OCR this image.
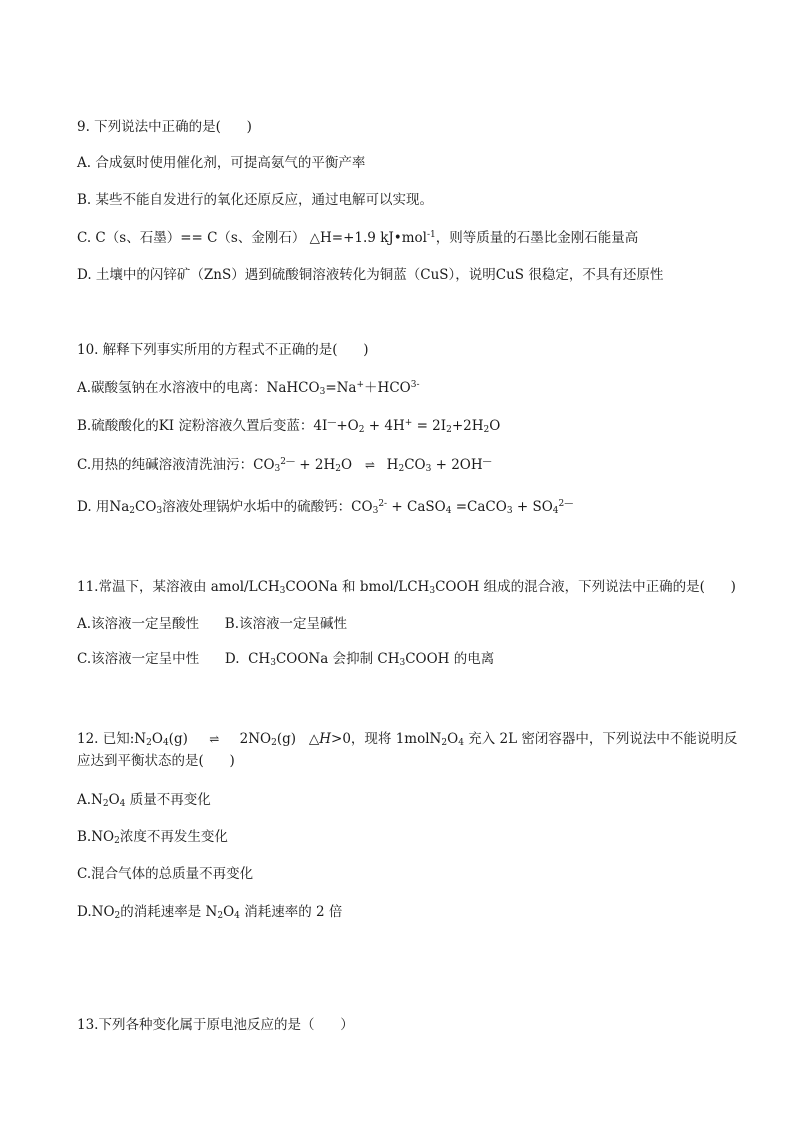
9. 下列说法中正确的是(      )
A. 合成氨时使用催化剂，可提高氨气的平衡产率
B. 某些不能自发进行的氧化还原反应，通过电解可以实现。
C. C（s、石墨）== C（s、金刚石） △H=+1.9 kJ•mol$^{-1}$，则等质量的石墨比金刚石能量高
D. 土壤中的闪锌矿（ZnS）遇到硫酸铜溶液转化为铜蓝（CuS），说明CuS 很稳定，不具有还原性
10. 解释下列事实所用的方程式不正确的是(      )
A.碳酸氢钠在水溶液中的电离：$NaHCO_3=Na^++HCO^{3-}$
B.硫酸酸化的KI 淀粉溶液久置后变蓝：$4I^—+O_2 + 4H^+ = 2I_2+2H_2O$
C.用热的纯碱溶液清洗油污：$CO_3^{2—} + 2H_2O$ ⇌ $H_2CO_3 + 2OH^—$
D. 用$Na_2CO_3$溶液处理锅炉水垢中的硫酸钙：$CO_3^{2-}$ + CaSO$_4$ =CaCO$_3$ + $SO_4^{2—}$
11.常温下，某溶液由 amol/$LCH_3COONa$ 和 bmol/$LCH_3COOH$ 组成的混合液，下列说法中正确的是(      )
A.该溶液一定呈酸性 B.该溶液一定呈碱性
C.该溶液一定呈中性 D.  $CH_3COONa$ 会抑制 $CH_3COOH$ 的电离
12. 已知$:N_2O_4(g)$   ⇌   $2NO_2(g)$   △H>0，现将 $1molN_2O_4$ 充入 2L 密闭容器中，下列说法中不能说明反
应达到平衡状态的是(      )
$A.N_2O_4$ 质量不再变化
$B.NO_2$浓度不再发生变化
C.混合气体的总质量不再变化
$D.NO_2$的消耗速率是 $N_2O_4$ 消耗速率的 2 倍
13.下列各种变化属于原电池反应的是（      ）
